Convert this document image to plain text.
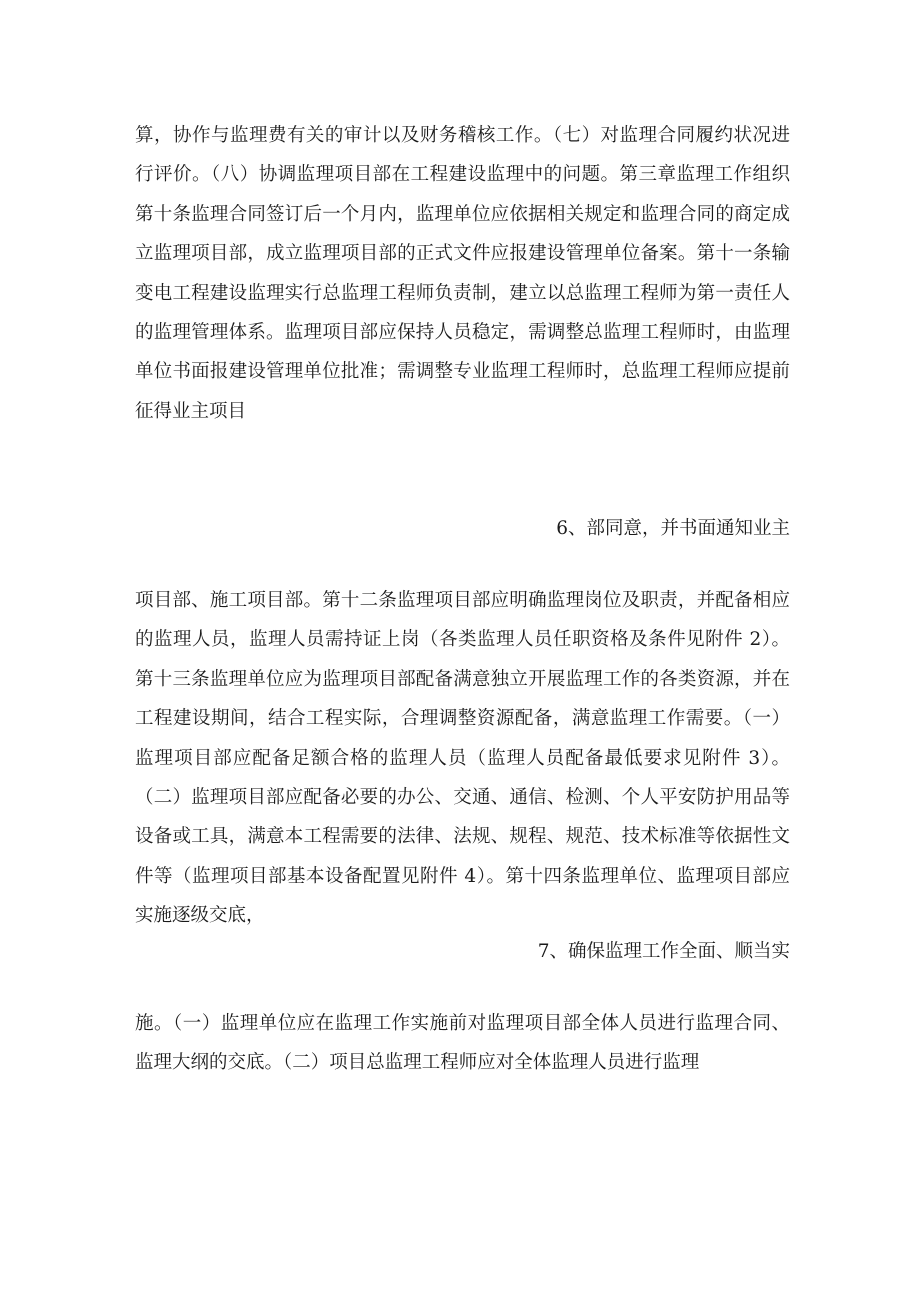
算，协作与监理费有关的审计以及财务稽核工作。（七）对监理合同履约状况进行评价。（八）协调监理项目部在工程建设监理中的问题。第三章监理工作组织第十条监理合同签订后一个月内，监理单位应依据相关规定和监理合同的商定成立监理项目部，成立监理项目部的正式文件应报建设管理单位备案。第十一条输变电工程建设监理实行总监理工程师负责制，建立以总监理工程师为第一责任人的监理管理体系。监理项目部应保持人员稳定，需调整总监理工程师时，由监理单位书面报建设管理单位批准；需调整专业监理工程师时，总监理工程师应提前征得业主项目
6、部同意，并书面通知业主
项目部、施工项目部。第十二条监理项目部应明确监理岗位及职责，并配备相应的监理人员，监理人员需持证上岗（各类监理人员任职资格及条件见附件 2）。第十三条监理单位应为监理项目部配备满意独立开展监理工作的各类资源，并在工程建设期间，结合工程实际，合理调整资源配备，满意监理工作需要。（一）监理项目部应配备足额合格的监理人员（监理人员配备最低要求见附件 3）。（二）监理项目部应配备必要的办公、交通、通信、检测、个人平安防护用品等设备或工具，满意本工程需要的法律、法规、规程、规范、技术标准等依据性文件等（监理项目部基本设备配置见附件 4）。第十四条监理单位、监理项目部应实施逐级交底，
7、确保监理工作全面、顺当实
施。（一）监理单位应在监理工作实施前对监理项目部全体人员进行监理合同、监理大纲的交底。（二）项目总监理工程师应对全体监理人员进行监理
